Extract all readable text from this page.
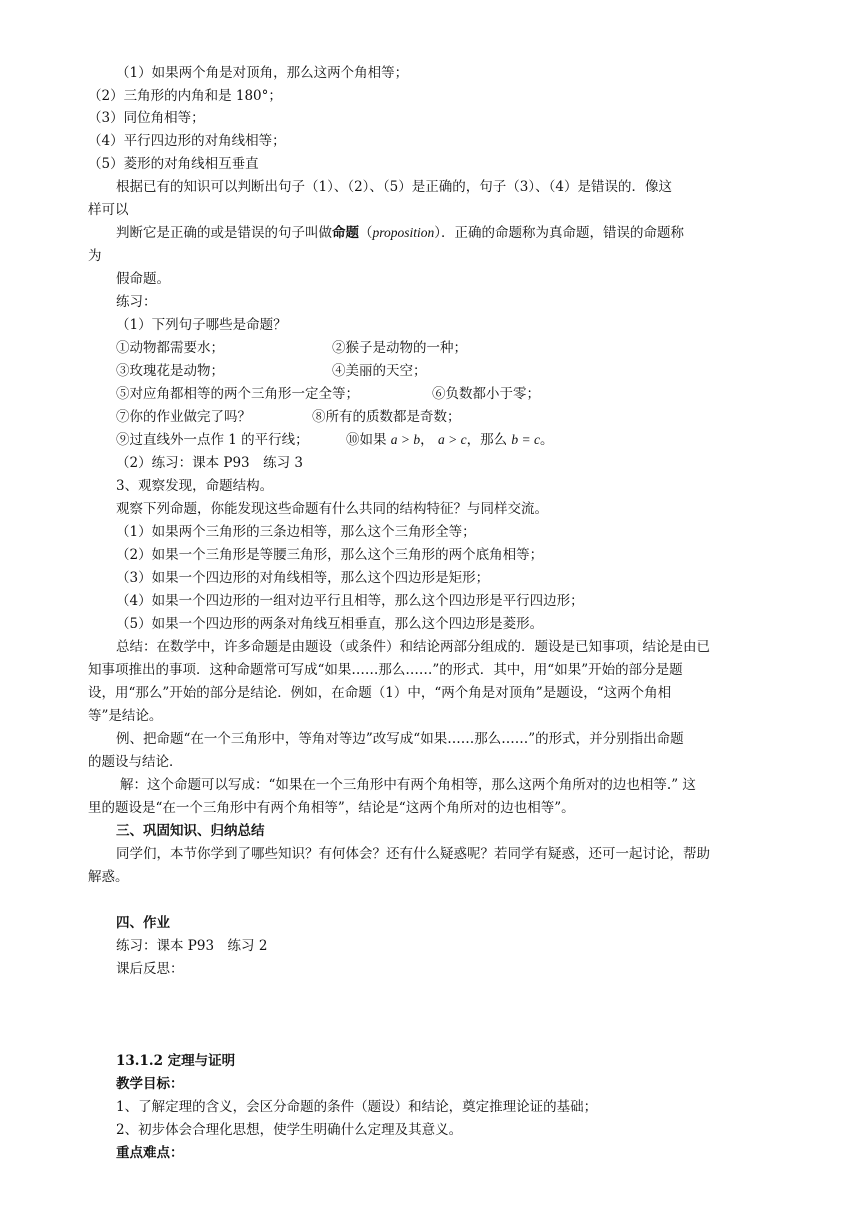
（1）如果两个角是对顶角，那么这两个角相等；
（2）三角形的内角和是 180°；
（3）同位角相等；
（4）平行四边形的对角线相等；
（5）菱形的对角线相互垂直
根据已有的知识可以判断出句子（1）、（2）、（5）是正确的，句子（3）、（4）是错误的．像这
样可以
判断它是正确的或是错误的句子叫做命题（proposition）．正确的命题称为真命题，错误的命题称
为
假命题。
练习：
（1）下列句子哪些是命题？
①动物都需要水；	②猴子是动物的一种；
③玫瑰花是动物；	④美丽的天空；
⑤对应角都相等的两个三角形一定全等；	⑥负数都小于零；
⑦你的作业做完了吗？	⑧所有的质数都是奇数；
⑨过直线外一点作 1 的平行线；	⑩如果 a > b， a > c，那么 b = c。
（2）练习：课本 P93　练习 3
3、观察发现，命题结构。
观察下列命题，你能发现这些命题有什么共同的结构特征？与同样交流。
（1）如果两个三角形的三条边相等，那么这个三角形全等；
（2）如果一个三角形是等腰三角形，那么这个三角形的两个底角相等；
（3）如果一个四边形的对角线相等，那么这个四边形是矩形；
（4）如果一个四边形的一组对边平行且相等，那么这个四边形是平行四边形；
（5）如果一个四边形的两条对角线互相垂直，那么这个四边形是菱形。
总结：在数学中，许多命题是由题设（或条件）和结论两部分组成的．题设是已知事项，结论是由已
知事项推出的事项．这种命题常可写成“如果……那么……”的形式．其中，用“如果”开始的部分是题
设，用“那么”开始的部分是结论．例如，在命题（1）中，“两个角是对顶角”是题设，“这两个角相
等”是结论。
例、把命题“在一个三角形中，等角对等边”改写成“如果……那么……”的形式，并分别指出命题
的题设与结论．
解：这个命题可以写成：“如果在一个三角形中有两个角相等，那么这两个角所对的边也相等.” 这
里的题设是“在一个三角形中有两个角相等”，结论是“这两个角所对的边也相等”。
三、巩固知识、归纳总结
同学们，本节你学到了哪些知识？有何体会？还有什么疑惑呢？若同学有疑惑，还可一起讨论，帮助
解惑。
四、作业
练习：课本 P93　练习 2
课后反思：
13.1.2 定理与证明
教学目标：
1、了解定理的含义，会区分命题的条件（题设）和结论，奠定推理论证的基础；
2、初步体会合理化思想，使学生明确什么定理及其意义。
重点难点：
